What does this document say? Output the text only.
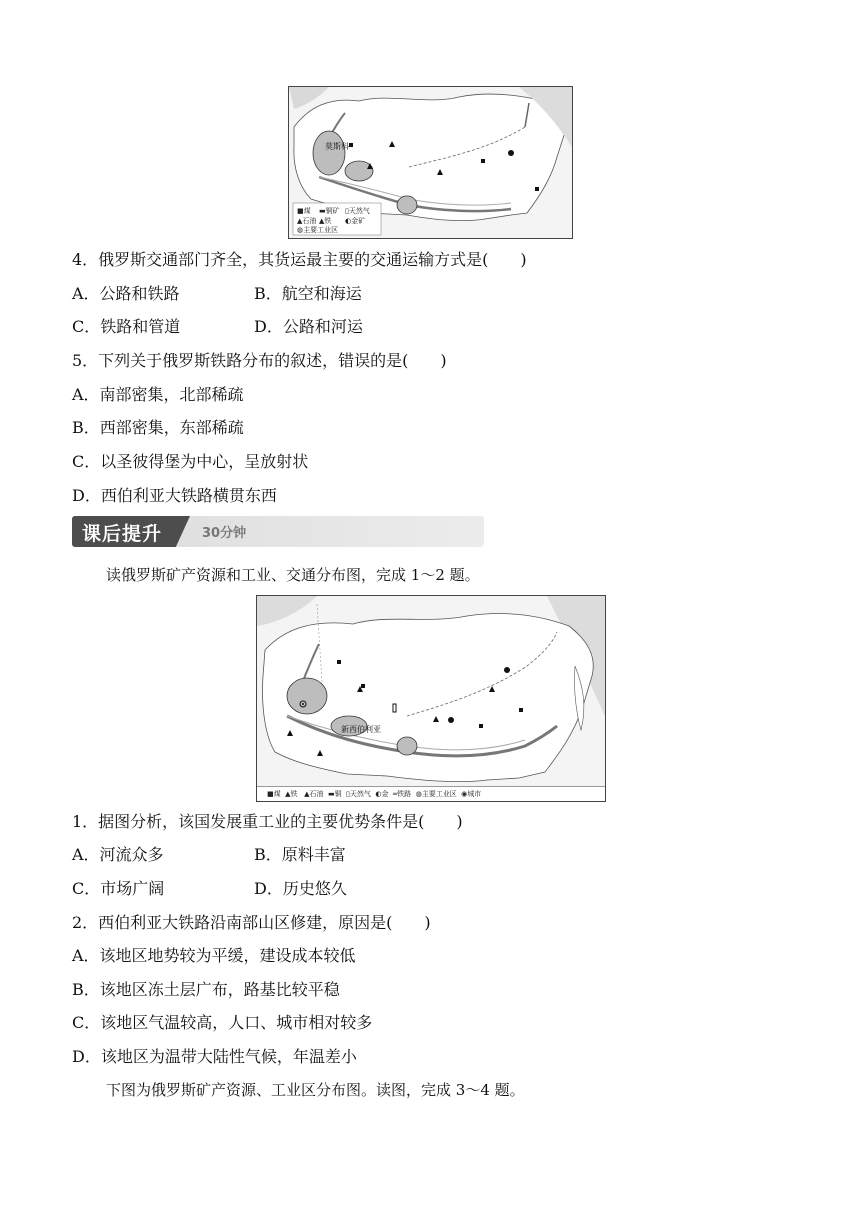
莫斯科
■煤 ▬铜矿 ▯天然气
▲石油 ▲铁 ◐金矿
◍主要工业区
4．俄罗斯交通部门齐全，其货运最主要的交通运输方式是(　　)
A．公路和铁路	B．航空和海运
C．铁路和管道	D．公路和河运
5．下列关于俄罗斯铁路分布的叙述，错误的是(　　)
A．南部密集，北部稀疏
B．西部密集，东部稀疏
C．以圣彼得堡为中心，呈放射状
D．西伯利亚大铁路横贯东西
课后提升	30分钟
读俄罗斯矿产资源和工业、交通分布图，完成 1～2 题。
新西伯利亚
■煤  ▲铁   ▲石油  ▬铜  ▯天然气  ◐金  ═铁路  ◍主要工业区  ◉城市
1．据图分析，该国发展重工业的主要优势条件是(　　)
A．河流众多	B．原料丰富
C．市场广阔	D．历史悠久
2．西伯利亚大铁路沿南部山区修建，原因是(　　)
A．该地区地势较为平缓，建设成本较低
B．该地区冻土层广布，路基比较平稳
C．该地区气温较高，人口、城市相对较多
D．该地区为温带大陆性气候，年温差小
下图为俄罗斯矿产资源、工业区分布图。读图，完成 3～4 题。
